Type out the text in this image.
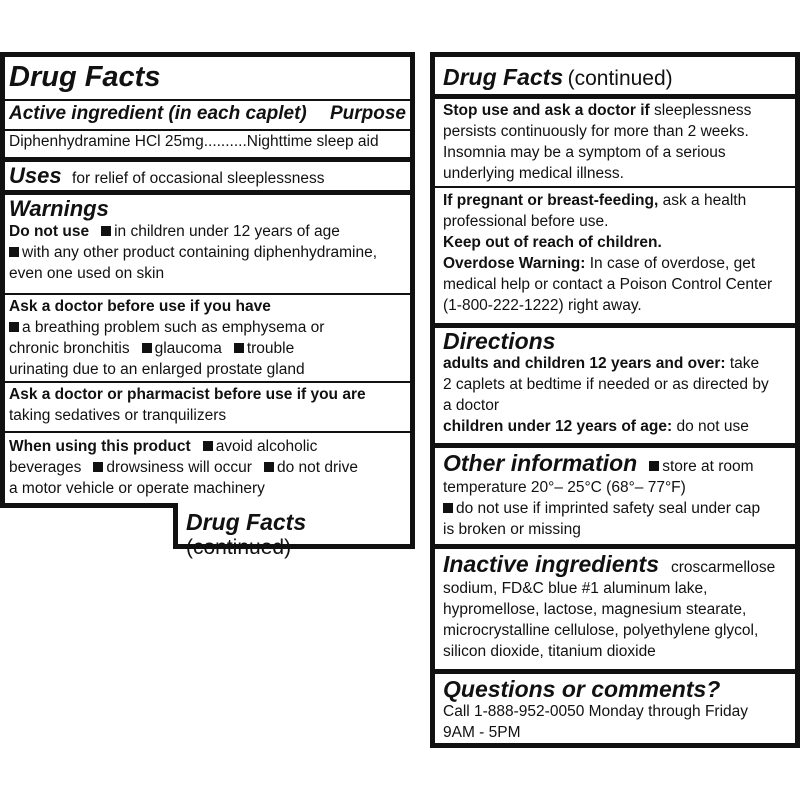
Drug Facts
Active ingredient (in each caplet) Purpose
Diphenhydramine HCl 25mg..........Nighttime sleep aid
Uses for relief of occasional sleeplessness

Warnings

Do not use in children under 12 years of age

with any other product containing diphenhydramine,

even one used on skin

Ask a doctor before use if you have

a breathing problem such as emphysema or

chronic bronchitis glaucoma trouble

urinating due to an enlarged prostate gland

Ask a doctor or pharmacist before use if you are

taking sedatives or tranquilizers

When using this product avoid alcoholic

beverages drowsiness will occur do not drive

a motor vehicle or operate machinery

Drug Facts (continued)
Drug Facts (continued)

Stop use and ask a doctor if sleeplessness

persists continuously for more than 2 weeks.

Insomnia may be a symptom of a serious

underlying medical illness.

If pregnant or breast-feeding, ask a health

professional before use.

Keep out of reach of children.

Overdose Warning: In case of overdose, get

medical help or contact a Poison Control Center

(1-800-222-1222) right away.

Directions

adults and children 12 years and over: take

2 caplets at bedtime if needed or as directed by

a doctor

children under 12 years of age: do not use

Other information store at room

temperature 20°– 25°C (68°– 77°F)

do not use if imprinted safety seal under cap

is broken or missing

Inactive ingredients croscarmellose

sodium, FD&C blue #1 aluminum lake,

hypromellose, lactose, magnesium stearate,

microcrystalline cellulose, polyethylene glycol,

silicon dioxide, titanium dioxide

Questions or comments?

Call 1-888-952-0050 Monday through Friday

9AM - 5PM
